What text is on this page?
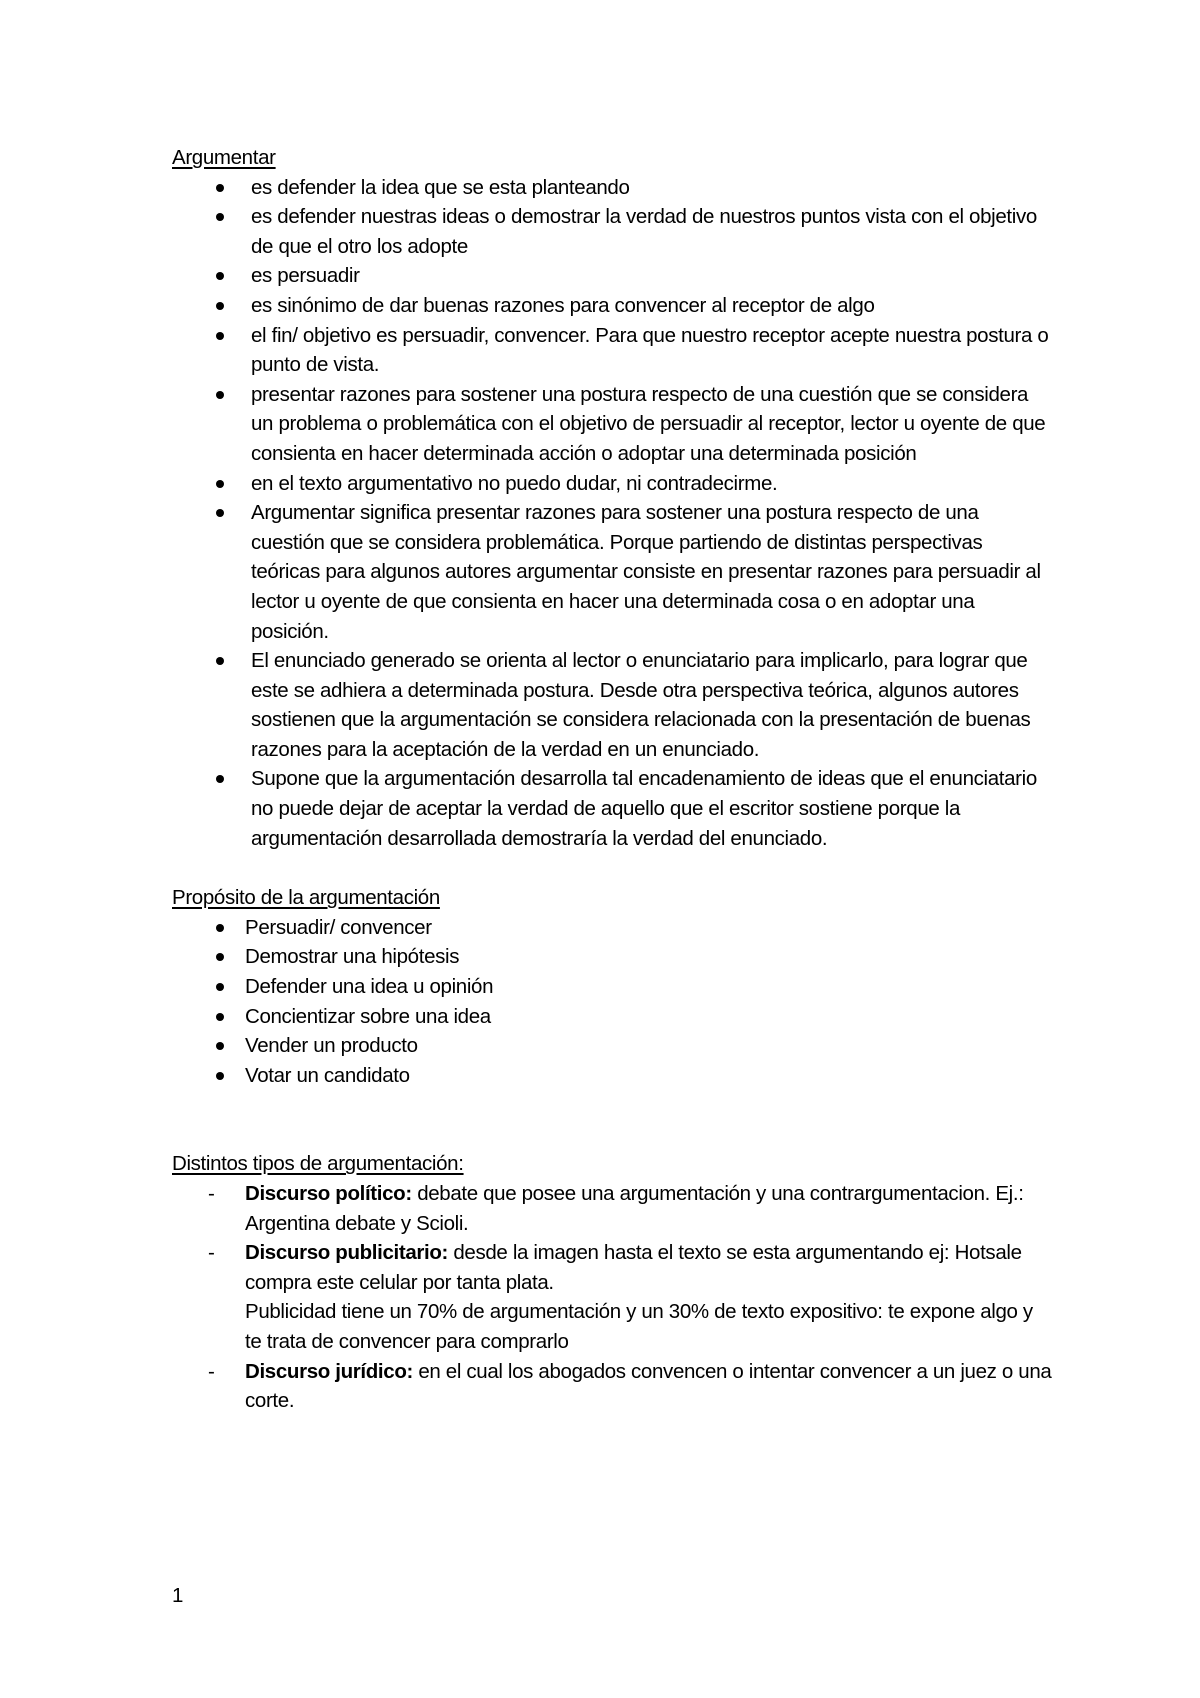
Argumentar
es defender la idea que se esta planteando
es defender nuestras ideas o demostrar la verdad de nuestros puntos vista con el objetivo de que el otro los adopte
es persuadir
es sinónimo de dar buenas razones para convencer al receptor de algo
el fin/ objetivo es persuadir, convencer. Para que nuestro receptor acepte nuestra postura o punto de vista.
presentar razones para sostener una postura respecto de una cuestión que se considera un problema o problemática con el objetivo de persuadir al receptor, lector u oyente de que consienta en hacer determinada acción o adoptar una determinada posición
en el texto argumentativo no puedo dudar, ni contradecirme.
Argumentar significa presentar razones para sostener una postura respecto de una cuestión que se considera problemática. Porque partiendo de distintas perspectivas teóricas para algunos autores argumentar consiste en presentar razones para persuadir al lector u oyente de que consienta en hacer una determinada cosa o en adoptar una posición.
El enunciado generado se orienta al lector o enunciatario para implicarlo, para lograr que este se adhiera a determinada postura. Desde otra perspectiva teórica, algunos autores sostienen que la argumentación se considera relacionada con la presentación de buenas razones para la aceptación de la verdad en un enunciado.
Supone que la argumentación desarrolla tal encadenamiento de ideas que el enunciatario no puede dejar de aceptar la verdad de aquello que el escritor sostiene porque la argumentación desarrollada demostraría la verdad del enunciado.
Propósito de la argumentación
Persuadir/ convencer
Demostrar una hipótesis
Defender una idea u opinión
Concientizar sobre una idea
Vender un producto
Votar un candidato
Distintos tipos de argumentación:
- Discurso político: debate que posee una argumentación y una contrargumentacion. Ej.: Argentina debate y Scioli.
- Discurso publicitario: desde la imagen hasta el texto se esta argumentando ej: Hotsale compra este celular por tanta plata.
Publicidad tiene un 70% de argumentación y un 30% de texto expositivo: te expone algo y te trata de convencer para comprarlo
- Discurso jurídico: en el cual los abogados convencen o intentar convencer a un juez o una corte.
1
